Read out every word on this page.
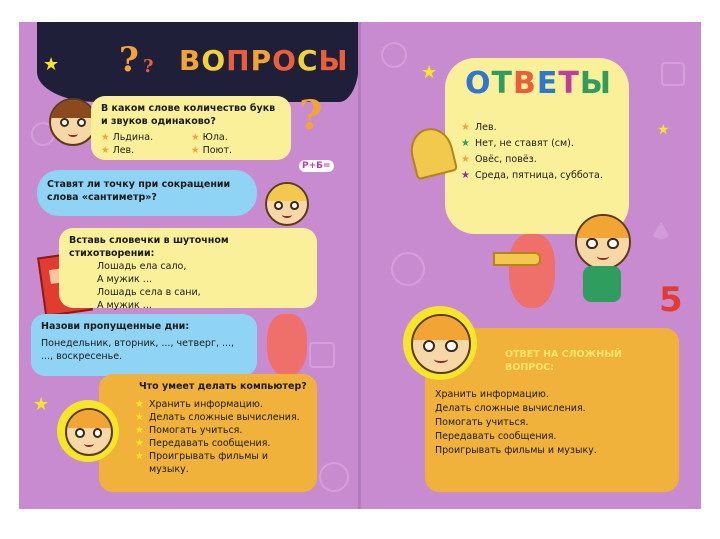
? ? ВОПРОСЫ
★
В каком слове количество букв и звуков одинаково?
★ Льдина.
★ Лев.
★ Юла.
★ Поют.
?
Ставят ли точку при сокращении слова «сантиметр»?
Р+Б=
Вставь словечки в шуточном стихотворении:
Лошадь ела сало,
А мужик ...
Лошадь села в сани,
А мужик ...
Назови пропущенные дни:
Понедельник, вторник, ..., четверг, ..., ..., воскресенье.
Что умеет делать компьютер?
★ Хранить информацию.
★ Делать сложные вычисления.
★ Помогать учиться.
★ Передавать сообщения.
★ Проигрывать фильмы и музыку.
★
★
★
ОТВЕТЫ
★ Лев.
★ Нет, не ставят (см).
★ Овёс, повёз.
★ Среда, пятница, суббота.
5
ОТВЕТ НА СЛОЖНЫЙ ВОПРОС:
Хранить информацию.
Делать сложные вычисления.
Помогать учиться.
Передавать сообщения.
Проигрывать фильмы и музыку.
